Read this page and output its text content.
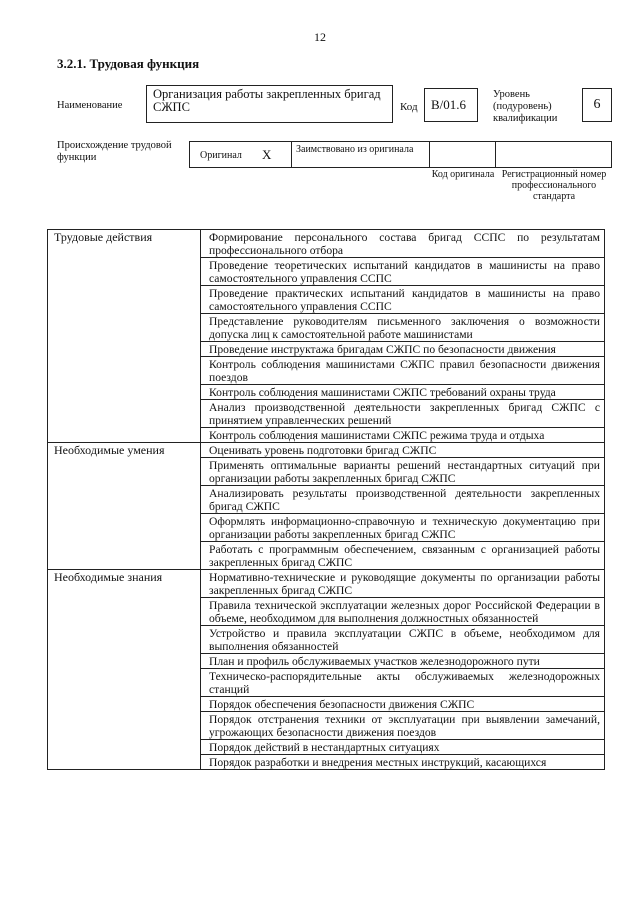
12
3.2.1. Трудовая функция
Наименование
Организация работы закрепленных бригад СЖПС	Код	B/01.6
Уровень (подуровень) квалификации
6
Происхождение трудовой функции	Оригинал X Заимствовано из оригинала
Код оригинала Регистрационный номер профессионального стандарта
Трудовые действия	Формирование персонального состава бригад ССПС по результатам профессионального отбора
	Проведение теоретических испытаний кандидатов в машинисты на право самостоятельного управления ССПС
	Проведение практических испытаний кандидатов в машинисты на право самостоятельного управления ССПС
	Представление руководителям письменного заключения о возможности допуска лиц к самостоятельной работе машинистами
	Проведение инструктажа бригадам СЖПС по безопасности движения
	Контроль соблюдения машинистами СЖПС правил безопасности движения поездов
	Контроль соблюдения машинистами СЖПС требований охраны труда
	Анализ производственной деятельности закрепленных бригад СЖПС с принятием управленческих решений
	Контроль соблюдения машинистами СЖПС режима труда и отдыха
Необходимые умения	Оценивать уровень подготовки бригад СЖПС
	Применять оптимальные варианты решений нестандартных ситуаций при организации работы закрепленных бригад СЖПС
	Анализировать результаты производственной деятельности закрепленных бригад СЖПС
	Оформлять информационно-справочную и техническую документацию при организации работы закрепленных бригад СЖПС
	Работать с программным обеспечением, связанным с организацией работы закрепленных бригад СЖПС
Необходимые знания	Нормативно-технические и руководящие документы по организации работы закрепленных бригад СЖПС
	Правила технической эксплуатации железных дорог Российской Федерации в объеме, необходимом для выполнения должностных обязанностей
	Устройство и правила эксплуатации СЖПС в объеме, необходимом для выполнения обязанностей
	План и профиль обслуживаемых участков железнодорожного пути
	Техническо-распорядительные акты обслуживаемых железнодорожных станций
	Порядок обеспечения безопасности движения СЖПС
	Порядок отстранения техники от эксплуатации при выявлении замечаний, угрожающих безопасности движения поездов
	Порядок действий в нестандартных ситуациях
	Порядок разработки и внедрения местных инструкций, касающихся
